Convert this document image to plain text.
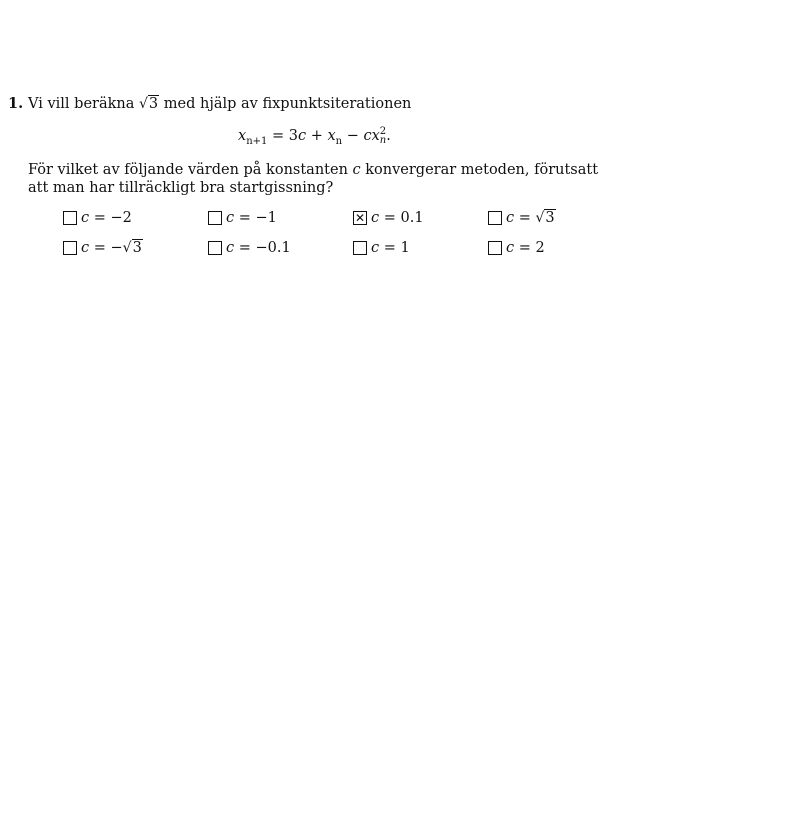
1. Vi vill beräkna √3 med hjälp av fixpunktsiterationen
$x_{n+1} = 3c + x_n$ − cx 2
n .
För vilket av följande värden på konstanten c konvergerar metoden, förutsatt att man har tillräckligt bra startgissning?
c = −2	c = −1	✕ c = 0.1	c = √3
c = −√3	c = −0.1	c = 1	c = 2
